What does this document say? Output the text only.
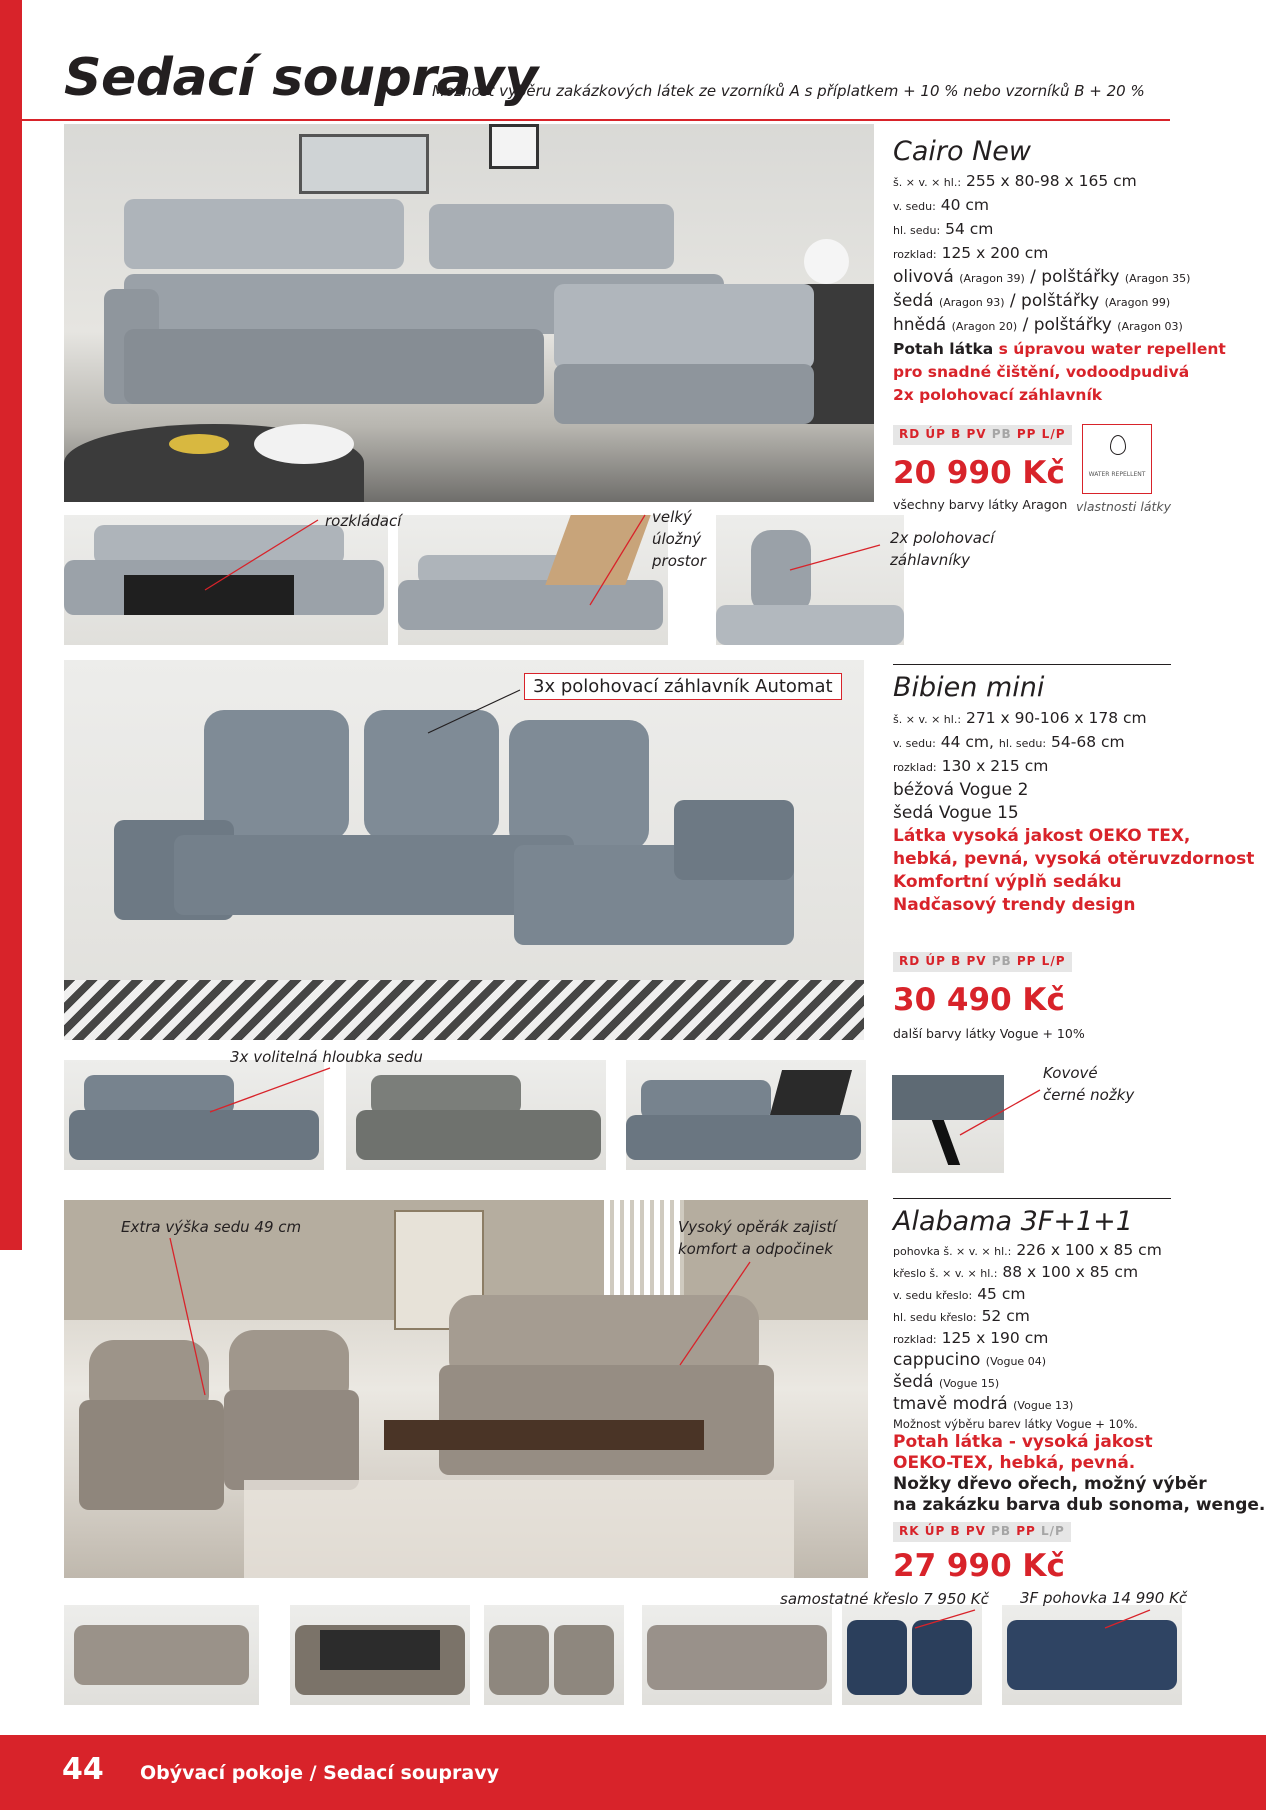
Sedací soupravy
Možnost výběru zakázkových látek ze vzorníků A s příplatkem + 10 % nebo vzorníků B + 20 %
rozkládací	velký
úložný
prostor
2x polohovací
záhlavníky
Cairo New
š. × v. × hl.: 255 x 80-98 x 165 cm
v. sedu: 40 cm
hl. sedu: 54 cm
rozklad: 125 x 200 cm
olivová (Aragon 39) / polštářky (Aragon 35)
šedá (Aragon 93) / polštářky (Aragon 99)
hnědá (Aragon 20) / polštářky (Aragon 03)
Potah látka s úpravou water repellent
pro snadné čištění, vodoodpudivá
2x polohovací záhlavník
RD ÚP B PV PB PP L/P
20 990 Kč
všechny barvy látky Aragon
WATER REPELLENT
vlastnosti látky
3x polohovací záhlavník Automat
3x volitelná hloubka sedu
Kovové
černé nožky
Bibien mini
š. × v. × hl.: 271 x 90-106 x 178 cm
v. sedu: 44 cm, hl. sedu: 54-68 cm
rozklad: 130 x 215 cm
béžová Vogue 2
šedá Vogue 15
Látka vysoká jakost OEKO TEX,
hebká, pevná, vysoká otěruvzdornost
Komfortní výplň sedáku
Nadčasový trendy design
RD ÚP B PV PB PP L/P
30 490 Kč
další barvy látky Vogue + 10%
Extra výška sedu 49 cm	Vysoký opěrák zajistí
komfort a odpočinek
samostatné křeslo 7 950 Kč 3F pohovka 14 990 Kč
Alabama 3F+1+1
pohovka š. × v. × hl.: 226 x 100 x 85 cm
křeslo š. × v. × hl.: 88 x 100 x 85 cm
v. sedu křeslo: 45 cm
hl. sedu křeslo: 52 cm
rozklad: 125 x 190 cm
cappucino (Vogue 04)
šedá (Vogue 15)
tmavě modrá (Vogue 13)
Možnost výběru barev látky Vogue + 10%.
Potah látka - vysoká jakost
OEKO-TEX, hebká, pevná.
Nožky dřevo ořech, možný výběr
na zakázku barva dub sonoma, wenge.
RK ÚP B PV PB PP L/P
27 990 Kč
44 Obývací pokoje / Sedací soupravy
